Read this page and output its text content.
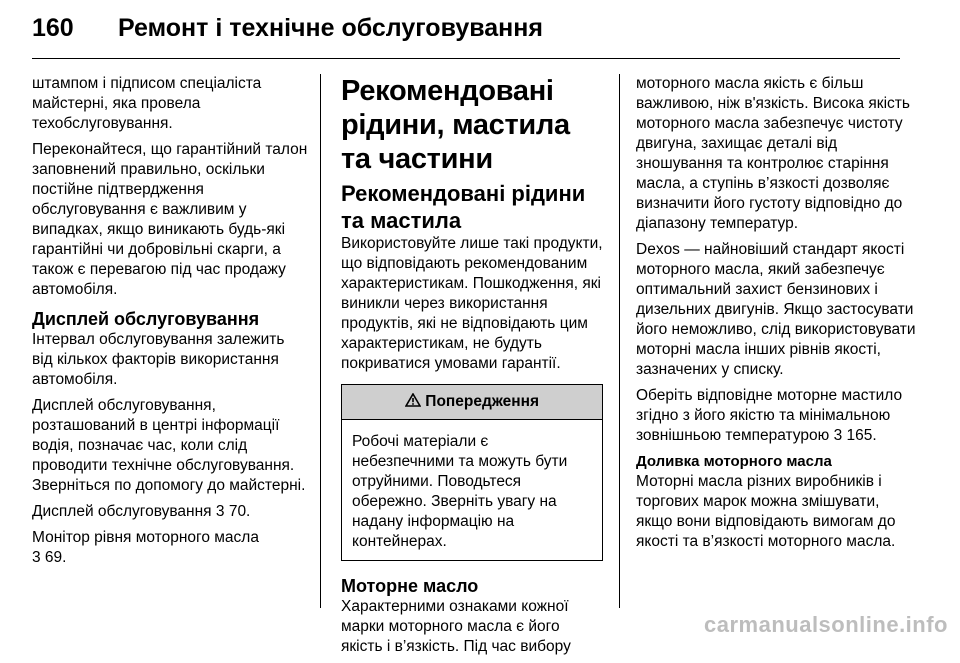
160	Ремонт і технічне обслуговування

штампом і підписом спеціаліста майстерні, яка провела техобслуговування.

Переконайтеся, що гарантійний талон заповнений правильно, оскільки постійне підтвердження обслуговування є важливим у випадках, якщо виникають будь-які гарантійні чи добровільні скарги, а також є перевагою під час продажу автомобіля.

Дисплей обслуговування

Інтервал обслуговування залежить від кількох факторів використання автомобіля.

Дисплей обслуговування, розташований в центрі інформації водія, позначає час, коли слід проводити технічне обслуговування. Зверніться по допомогу до майстерні.

Дисплей обслуговування 3 70.

Монітор рівня моторного масла
3 69.

Рекомендовані рідини, мастила та частини
Рекомендовані рідини та мастила

Використовуйте лише такі продукти, що відповідають рекомендованим характеристикам. Пошкодження, які виникли через використання продуктів, які не відповідають цим характеристикам, не будуть покриватися умовами гарантії.

Попередження
Робочі матеріали є небезпечними та можуть бути отруйними. Поводьтеся обережно. Зверніть увагу на надану інформацію на контейнерах.
Моторне масло

Характерними ознаками кожної марки моторного масла є його якість і в’язкість. Під час вибору

моторного масла якість є більш важливою, ніж в'язкість. Висока якість моторного масла забезпечує чистоту двигуна, захищає деталі від зношування та контролює старіння масла, а ступінь в’язкості дозволяє визначити його густоту відповідно до діапазону температур.

Dexos — найновіший стандарт якості моторного масла, який забезпечує оптимальний захист бензинових і дизельних двигунів. Якщо застосувати його неможливо, слід використовувати моторні масла інших рівнів якості, зазначених у списку.

Оберіть відповідне моторне мастило згідно з його якістю та мінімальною зовнішньою температурою 3 165.

Доливка моторного масла

Моторні масла різних виробників і торгових марок можна змішувати, якщо вони відповідають вимогам до якості та в’язкості моторного масла.

carmanualsonline.info
